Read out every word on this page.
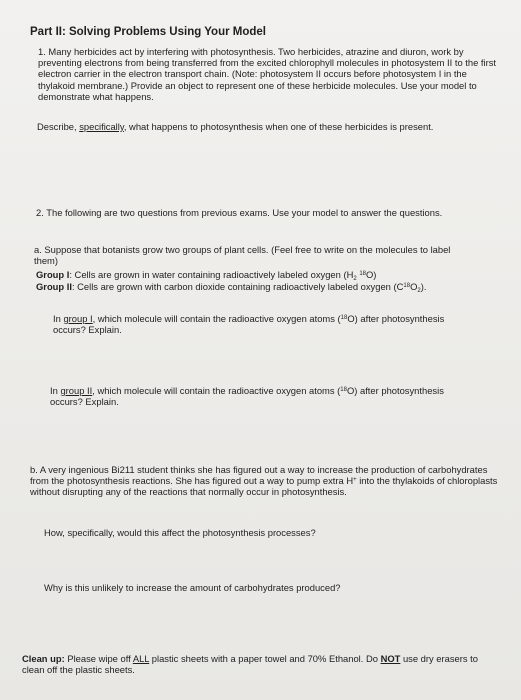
Part II: Solving Problems Using Your Model

1. Many herbicides act by interfering with photosynthesis. Two herbicides, atrazine and diuron, work by preventing electrons from being transferred from the excited chlorophyll molecules in photosystem II to the first electron carrier in the electron transport chain. (Note: photosystem II occurs before photosystem I in the thylakoid membrane.) Provide an object to represent one of these herbicide molecules. Use your model to demonstrate what happens.

Describe, specifically, what happens to photosynthesis when one of these herbicides is present.

2. The following are two questions from previous exams. Use your model to answer the questions.

a. Suppose that botanists grow two groups of plant cells. (Feel free to write on the molecules to label them)

Group I: Cells are grown in water containing radioactively labeled oxygen ($H_2$ $^{18}$O)

Group II: Cells are grown with carbon dioxide containing radioactively labeled oxygen $(C^{18}O_2)$.

In group I, which molecule will contain the radioactive oxygen atoms ($^{18}$O) after photosynthesis occurs? Explain.

In group II, which molecule will contain the radioactive oxygen atoms ($^{18}$O) after photosynthesis occurs? Explain.

b. A very ingenious Bi211 student thinks she has figured out a way to increase the production of carbohydrates from the photosynthesis reactions. She has figured out a way to pump extra H+ into the thylakoids of chloroplasts without disrupting any of the reactions that normally occur in photosynthesis.

How, specifically, would this affect the photosynthesis processes?

Why is this unlikely to increase the amount of carbohydrates produced?

Clean up: Please wipe off ALL plastic sheets with a paper towel and 70% Ethanol. Do NOT use dry erasers to clean off the plastic sheets.
